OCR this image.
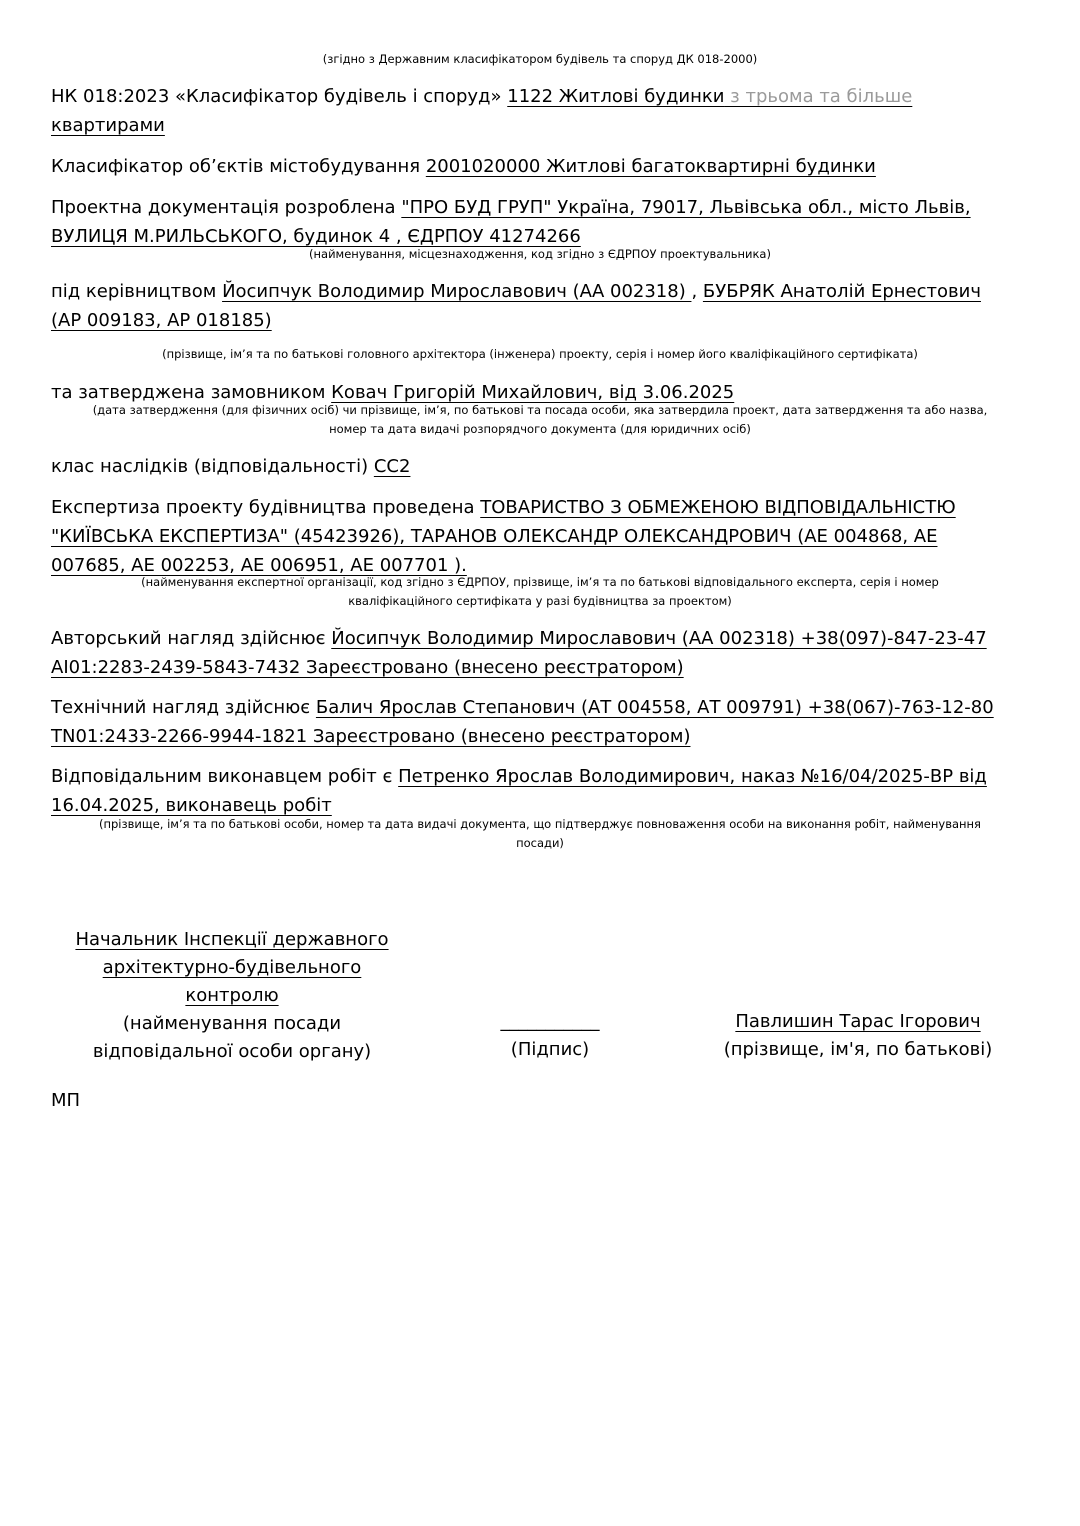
(згідно з Державним класифікатором будівель та споруд ДК 018-2000)
НК 018:2023 «Класифікатор будівель і споруд» 1122 Житлові будинки з трьома та більше
квартирами
Класифікатор об’єктів містобудування 2001020000 Житлові багатоквартирні будинки
Проектна документація розроблена "ПРО БУД ГРУП" Україна, 79017, Львівська обл., місто Львів,
ВУЛИЦЯ М.РИЛЬСЬКОГО, будинок 4 , ЄДРПОУ 41274266
(найменування, місцезнаходження, код згідно з ЄДРПОУ проектувальника)
під керівництвом Йосипчук Володимир Мирославович (АА 002318) , БУБРЯК Анатолій Ернестович
(АР 009183, АР 018185)
(прізвище, ім’я та по батькові головного архітектора (інженера) проекту, серія і номер його кваліфікаційного сертифіката)
та затверджена замовником Ковач Григорій Михайлович, від 3.06.2025
(дата затвердження (для фізичних осіб) чи прізвище, ім’я, по батькові та посада особи, яка затвердила проект, дата затвердження та або назва,
номер та дата видачі розпорядчого документа (для юридичних осіб)
клас наслідків (відповідальності) СС2
Експертиза проекту будівництва проведена ТОВАРИСТВО З ОБМЕЖЕНОЮ ВІДПОВІДАЛЬНІСТЮ
"КИЇВСЬКА ЕКСПЕРТИЗА" (45423926), ТАРАНОВ ОЛЕКСАНДР ОЛЕКСАНДРОВИЧ (АЕ 004868, АЕ
007685, АЕ 002253, АЕ 006951, АЕ 007701 ).
(найменування експертної організації, код згідно з ЄДРПОУ, прізвище, ім’я та по батькові відповідального експерта, серія і номер
кваліфікаційного сертифіката у разі будівництва за проектом)
Авторський нагляд здійснює Йосипчук Володимир Мирославович (АА 002318) +38(097)-847-23-47
AI01:2283-2439-5843-7432 Зареєстровано (внесено реєстратором)
Технічний нагляд здійснює Балич Ярослав Степанович (АТ 004558, АТ 009791) +38(067)-763-12-80
TN01:2433-2266-9944-1821 Зареєстровано (внесено реєстратором)
Відповідальним виконавцем робіт є Петренко Ярослав Володимирович, наказ №16/04/2025-ВР від
16.04.2025, виконавець робіт
(прізвище, ім’я та по батькові особи, номер та дата видачі документа, що підтверджує повноваження особи на виконання робіт, найменування
посади)
Начальник Інспекції державного
архітектурно-будівельного
контролю
(найменування посади
відповідальної особи органу)
___________
(Підпис)
Павлишин Тарас Ігорович
(прізвище, ім'я, по батькові)
МП
